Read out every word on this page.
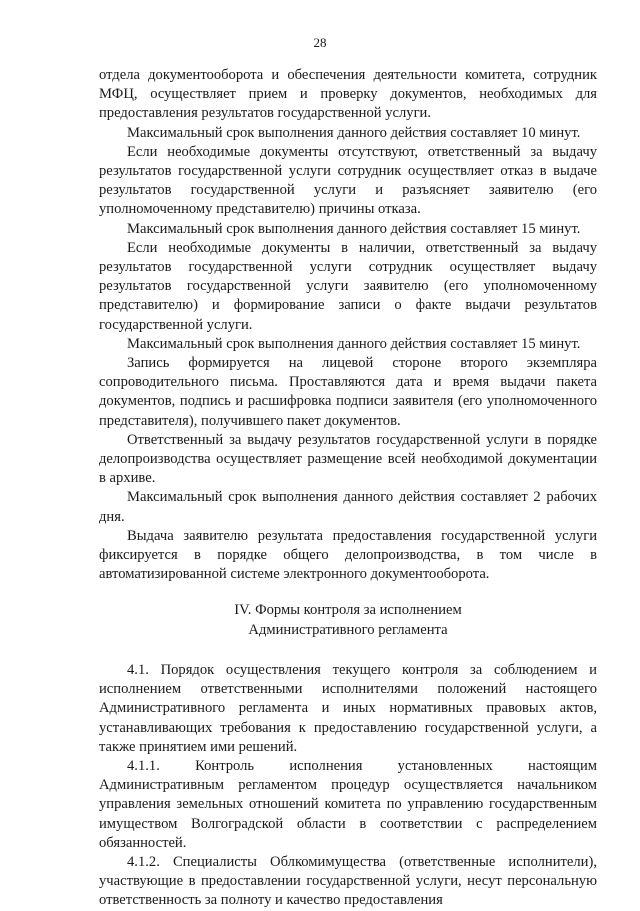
28

отдела документооборота и обеспечения деятельности комитета, сотрудник МФЦ, осуществляет прием и проверку документов, необходимых для предоставления результатов государственной услуги.

Максимальный срок выполнения данного действия составляет 10 минут.

Если необходимые документы отсутствуют, ответственный за выдачу результатов государственной услуги сотрудник осуществляет отказ в выдаче результатов государственной услуги и разъясняет заявителю (его уполномоченному представителю) причины отказа.

Максимальный срок выполнения данного действия составляет 15 минут.

Если необходимые документы в наличии, ответственный за выдачу результатов государственной услуги сотрудник осуществляет выдачу результатов государственной услуги заявителю (его уполномоченному представителю) и формирование записи о факте выдачи результатов государственной услуги.

Максимальный срок выполнения данного действия составляет 15 минут.

Запись формируется на лицевой стороне второго экземпляра сопроводительного письма. Проставляются дата и время выдачи пакета документов, подпись и расшифровка подписи заявителя (его уполномоченного представителя), получившего пакет документов.

Ответственный за выдачу результатов государственной услуги в порядке делопроизводства осуществляет размещение всей необходимой документации в архиве.

Максимальный срок выполнения данного действия составляет 2 рабочих дня.

Выдача заявителю результата предоставления государственной услуги фиксируется в порядке общего делопроизводства, в том числе в автоматизированной системе электронного документооборота.

IV. Формы контроля за исполнением
Административного регламента

4.1. Порядок осуществления текущего контроля за соблюдением и исполнением ответственными исполнителями положений настоящего Административного регламента и иных нормативных правовых актов, устанавливающих требования к предоставлению государственной услуги, а также принятием ими решений.

4.1.1. Контроль исполнения установленных настоящим Административным регламентом процедур осуществляется начальником управления земельных отношений комитета по управлению государственным имуществом Волгоградской области в соответствии с распределением обязанностей.

4.1.2. Специалисты Облкомимущества (ответственные исполнители), участвующие в предоставлении государственной услуги, несут персональную ответственность за полноту и качество предоставления
